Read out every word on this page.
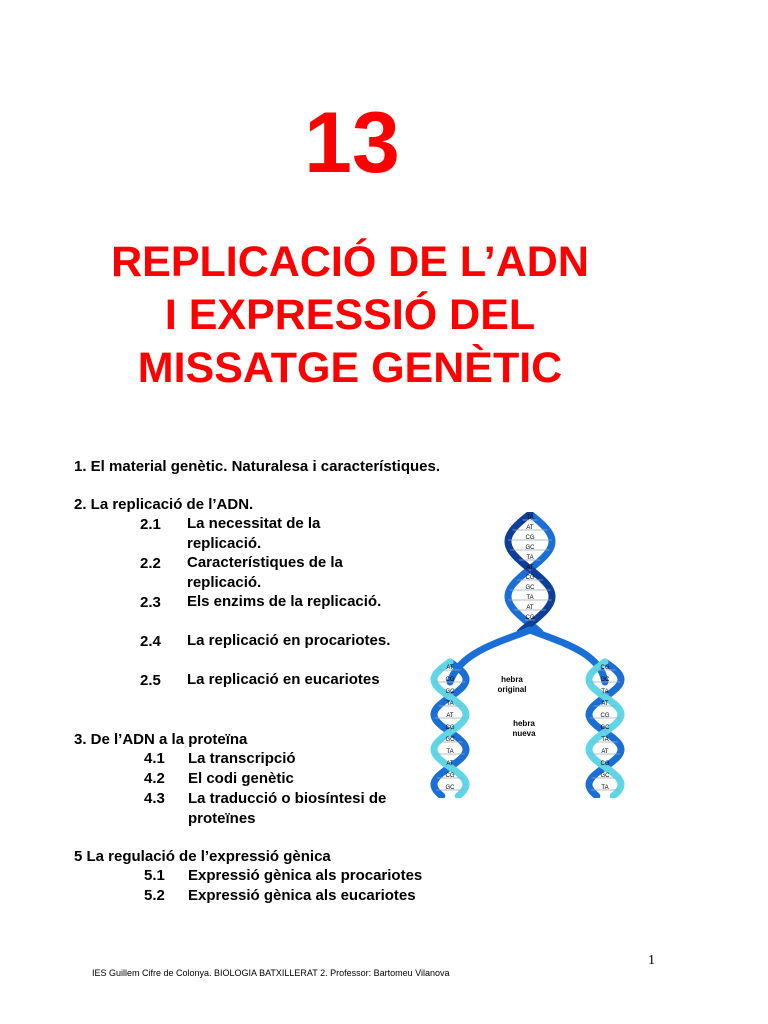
13
REPLICACIÓ DE L’ADN
I EXPRESSIÓ DEL
MISSATGE GENÈTIC
1. El material genètic. Naturalesa i característiques.
2. La replicació de l’ADN.
2.1 La necessitat de la replicació.
2.2 Característiques de la replicació.
2.3 Els enzims de la replicació.
2.4 La replicació en procariotes.
2.5 La replicació en eucariotes
3. De l’ADN a la proteïna
4.1 La transcripció
4.2 El codi genètic
4.3 La traducció o biosíntesi de proteïnes
5 La regulació de l’expressió gènica
5.1 Expressió gènica als procariotes
5.2 Expressió gènica als eucariotes
TA
AT
CG
GC
TA
AT
CG
GC
TA
AT
CG
AT	CG
CG	GC
GC	TA
TA	AT
AT	CG
CG	GC
GC	TA
TA	AT
AT	CG
CG	GC
GC	TA
hebra
original
hebra
nueva
1
IES Guillem Cifre de Colonya. BIOLOGIA BATXILLERAT 2. Professor: Bartomeu Vilanova
